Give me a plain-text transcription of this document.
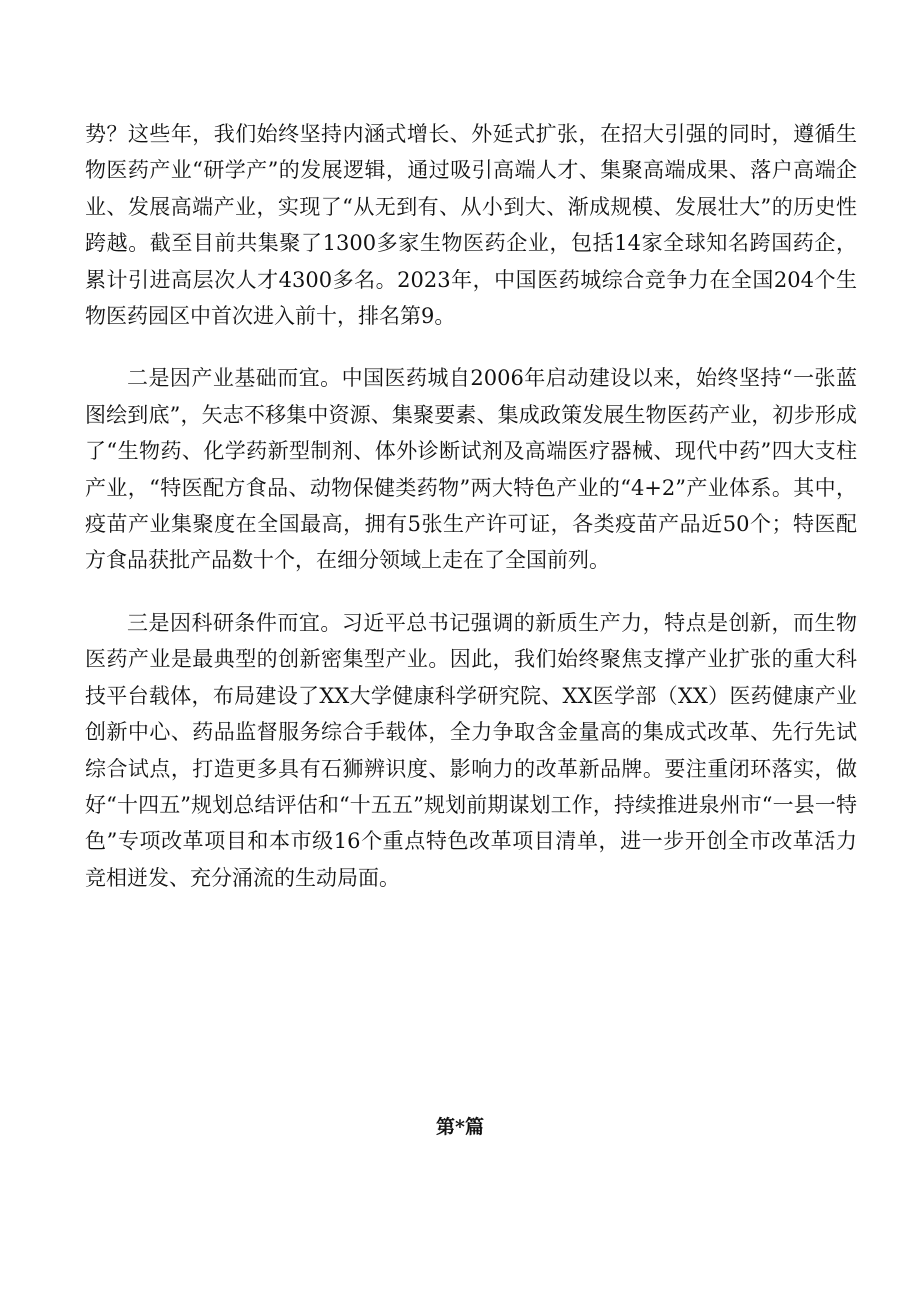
势？这些年，我们始终坚持内涵式增长、外延式扩张，在招大引强的同时，遵循生物医药产业“研学产”的发展逻辑，通过吸引高端人才、集聚高端成果、落户高端企业、发展高端产业，实现了“从无到有、从小到大、渐成规模、发展壮大”的历史性跨越。截至目前共集聚了1300多家生物医药企业，包括14家全球知名跨国药企，累计引进高层次人才4300多名。2023年，中国医药城综合竞争力在全国204个生物医药园区中首次进入前十，排名第9。

二是因产业基础而宜。中国医药城自2006年启动建设以来，始终坚持“一张蓝图绘到底”，矢志不移集中资源、集聚要素、集成政策发展生物医药产业，初步形成了“生物药、化学药新型制剂、体外诊断试剂及高端医疗器械、现代中药”四大支柱产业，“特医配方食品、动物保健类药物”两大特色产业的“4+2”产业体系。其中，疫苗产业集聚度在全国最高，拥有5张生产许可证，各类疫苗产品近50个；特医配方食品获批产品数十个，在细分领域上走在了全国前列。

三是因科研条件而宜。习近平总书记强调的新质生产力，特点是创新，而生物医药产业是最典型的创新密集型产业。因此，我们始终聚焦支撑产业扩张的重大科技平台载体，布局建设了XX大学健康科学研究院、XX医学部（XX）医药健康产业创新中心、药品监督服务综合手载体，全力争取含金量高的集成式改革、先行先试综合试点，打造更多具有石狮辨识度、影响力的改革新品牌。要注重闭环落实，做好“十四五”规划总结评估和“十五五”规划前期谋划工作，持续推进泉州市“一县一特色”专项改革项目和本市级16个重点特色改革项目清单，进一步开创全市改革活力竞相迸发、充分涌流的生动局面。

第*篇
